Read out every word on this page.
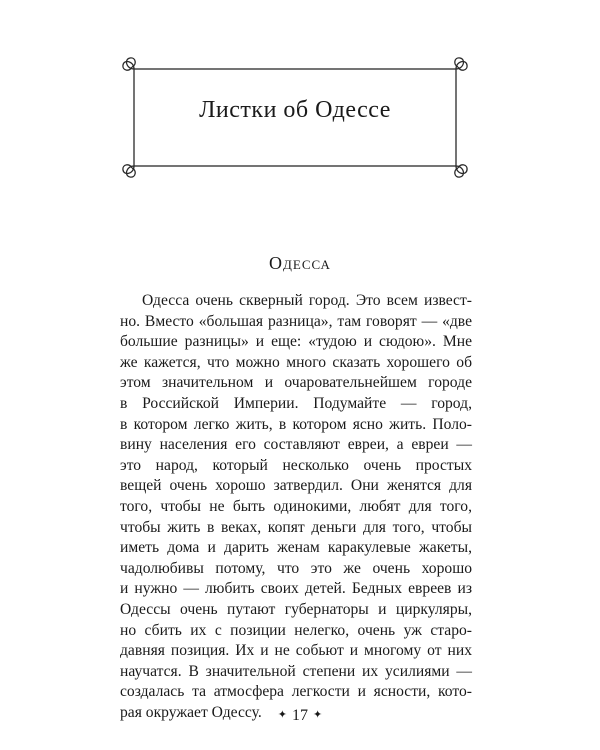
Листки об Одессе
Одесса
Одесса очень скверный город. Это всем извест-
но. Вместо «большая разница», там говорят — «две
большие разницы» и еще: «тудою и сюдою». Мне
же кажется, что можно много сказать хорошего об
этом значительном и очаровательнейшем городе
в Российской Империи. Подумайте — город,
в котором легко жить, в котором ясно жить. Поло-
вину населения его составляют евреи, а евреи —
это народ, который несколько очень простых
вещей очень хорошо затвердил. Они женятся для
того, чтобы не быть одинокими, любят для того,
чтобы жить в веках, копят деньги для того, чтобы
иметь дома и дарить женам каракулевые жакеты,
чадолюбивы потому, что это же очень хорошо
и нужно — любить своих детей. Бедных евреев из
Одессы очень путают губернаторы и циркуляры,
но сбить их с позиции нелегко, очень уж старо-
давняя позиция. Их и не собьют и многому от них
научатся. В значительной степени их усилиями —
создалась та атмосфера легкости и ясности, кото-
рая окружает Одессу.	✦ 17 ✦
